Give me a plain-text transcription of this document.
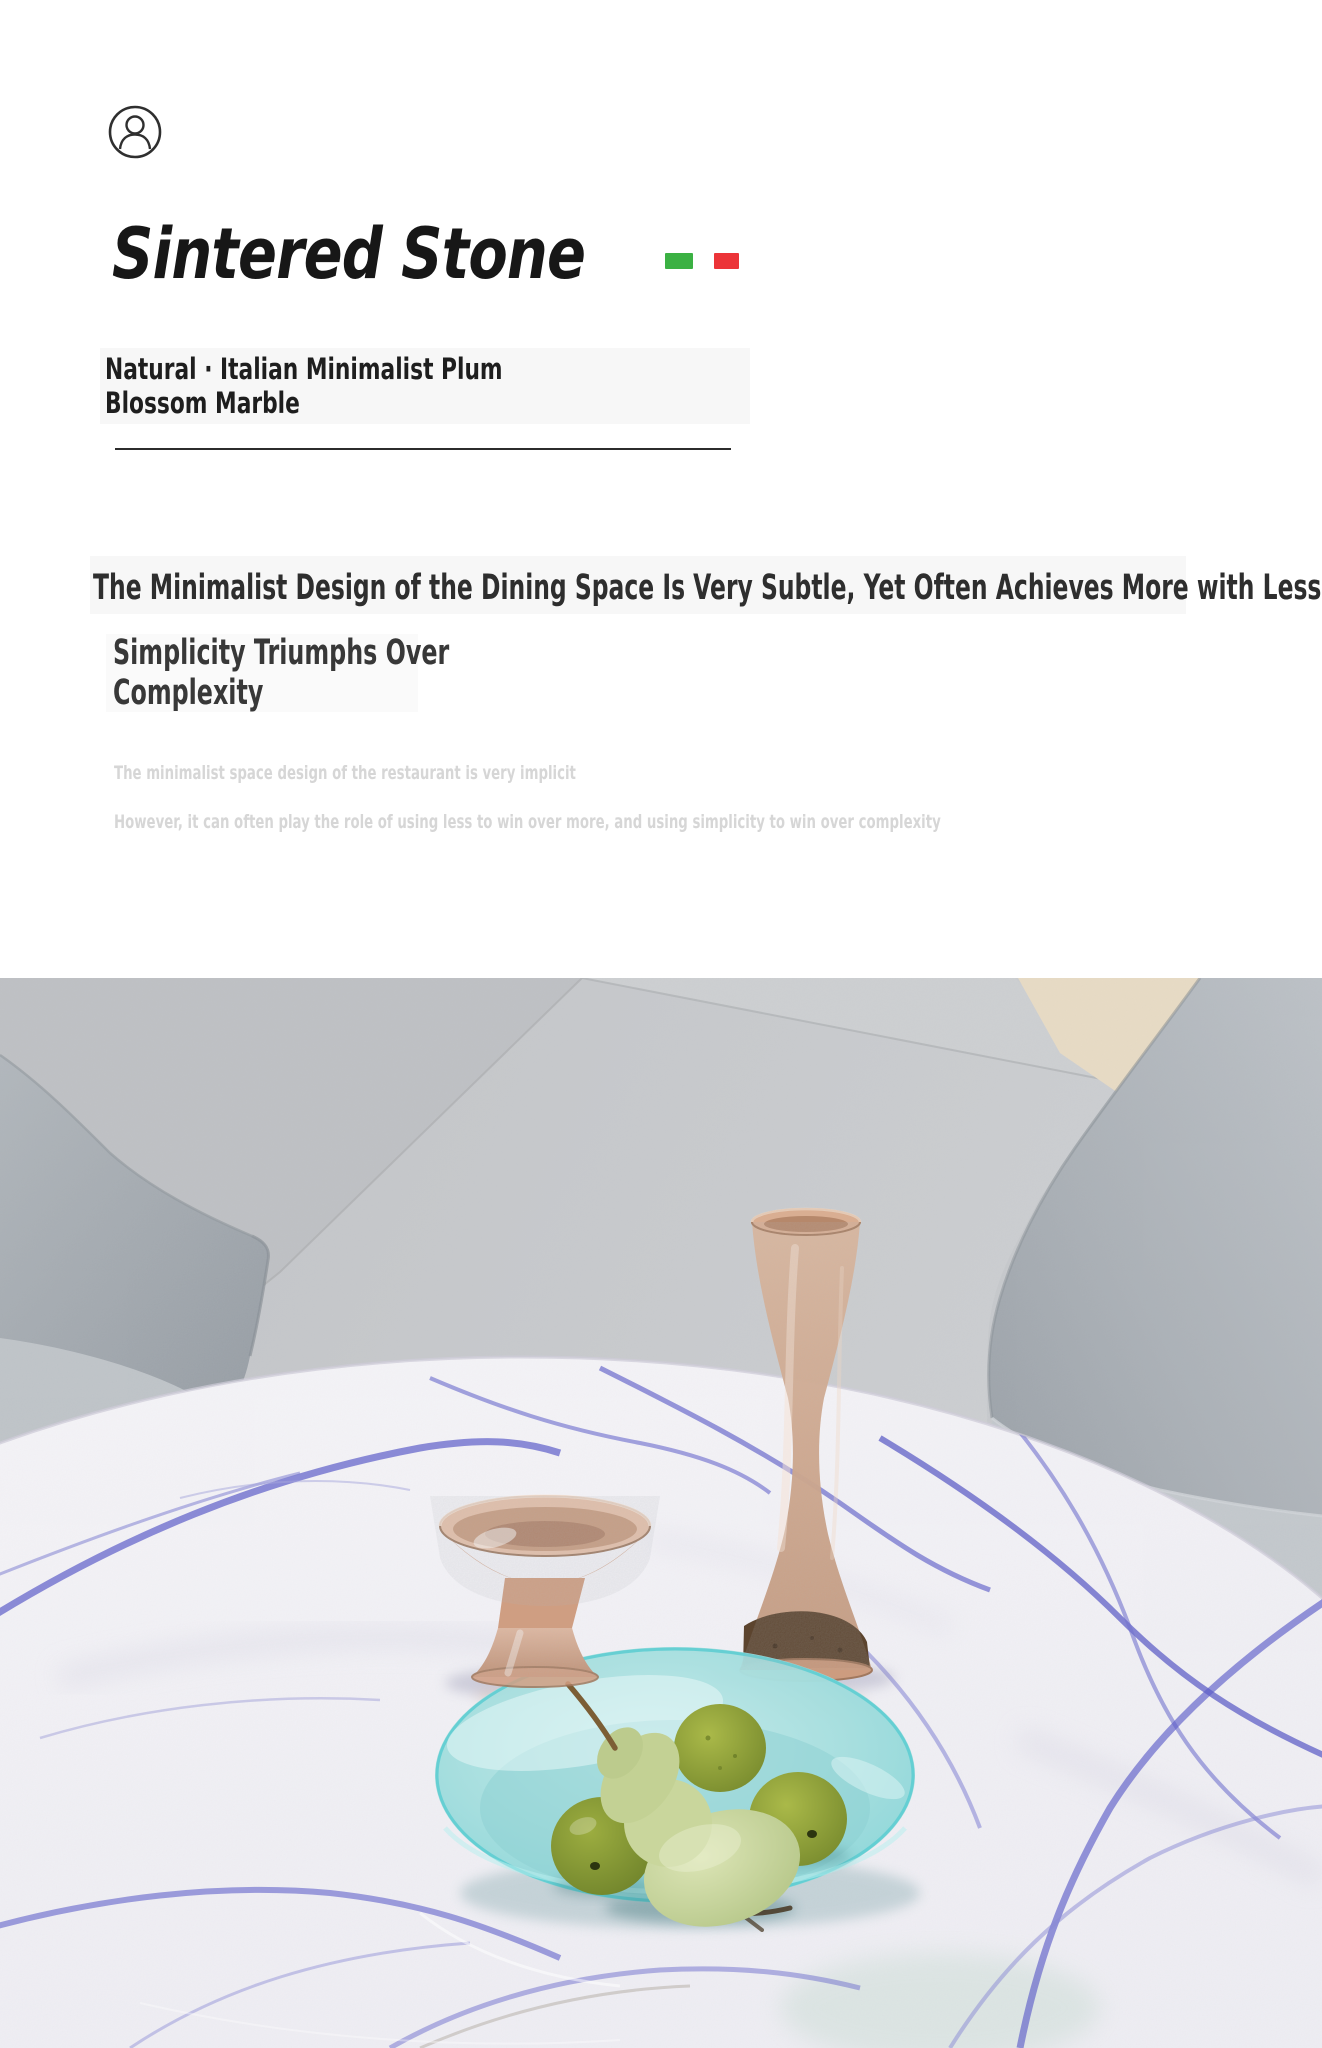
Sintered Stone
Natural · Italian Minimalist Plum
Blossom Marble
The Minimalist Design of the Dining Space Is Very Subtle, Yet Often Achieves More with Less
Simplicity Triumphs Over
Complexity
The minimalist space design of the restaurant is very implicit
However, it can often play the role of using less to win over more, and using simplicity to win over complexity
